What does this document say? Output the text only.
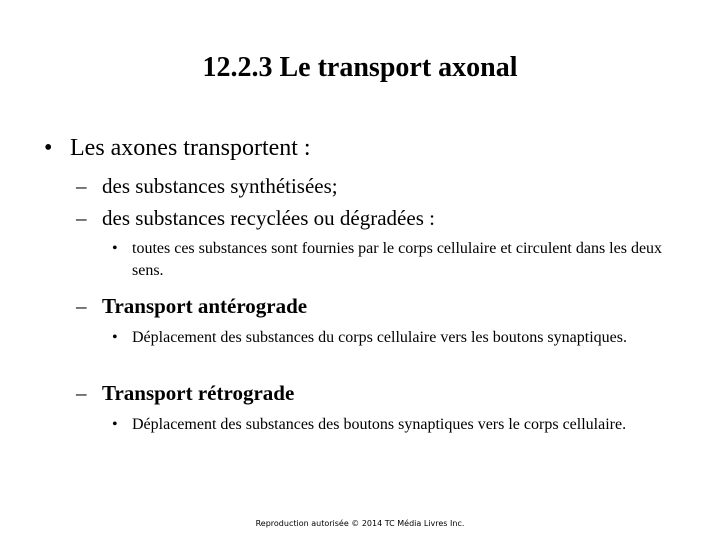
12.2.3 Le transport axonal
• Les axones transportent :
– des substances synthétisées;
– des substances recyclées ou dégradées :
• toutes ces substances sont fournies par le corps cellulaire et circulent dans les deux sens.
– Transport antérograde
• Déplacement des substances du corps cellulaire vers les boutons synaptiques.
– Transport rétrograde
• Déplacement des substances des boutons synaptiques vers le corps cellulaire.
Reproduction autorisée © 2014 TC Média Livres Inc.
